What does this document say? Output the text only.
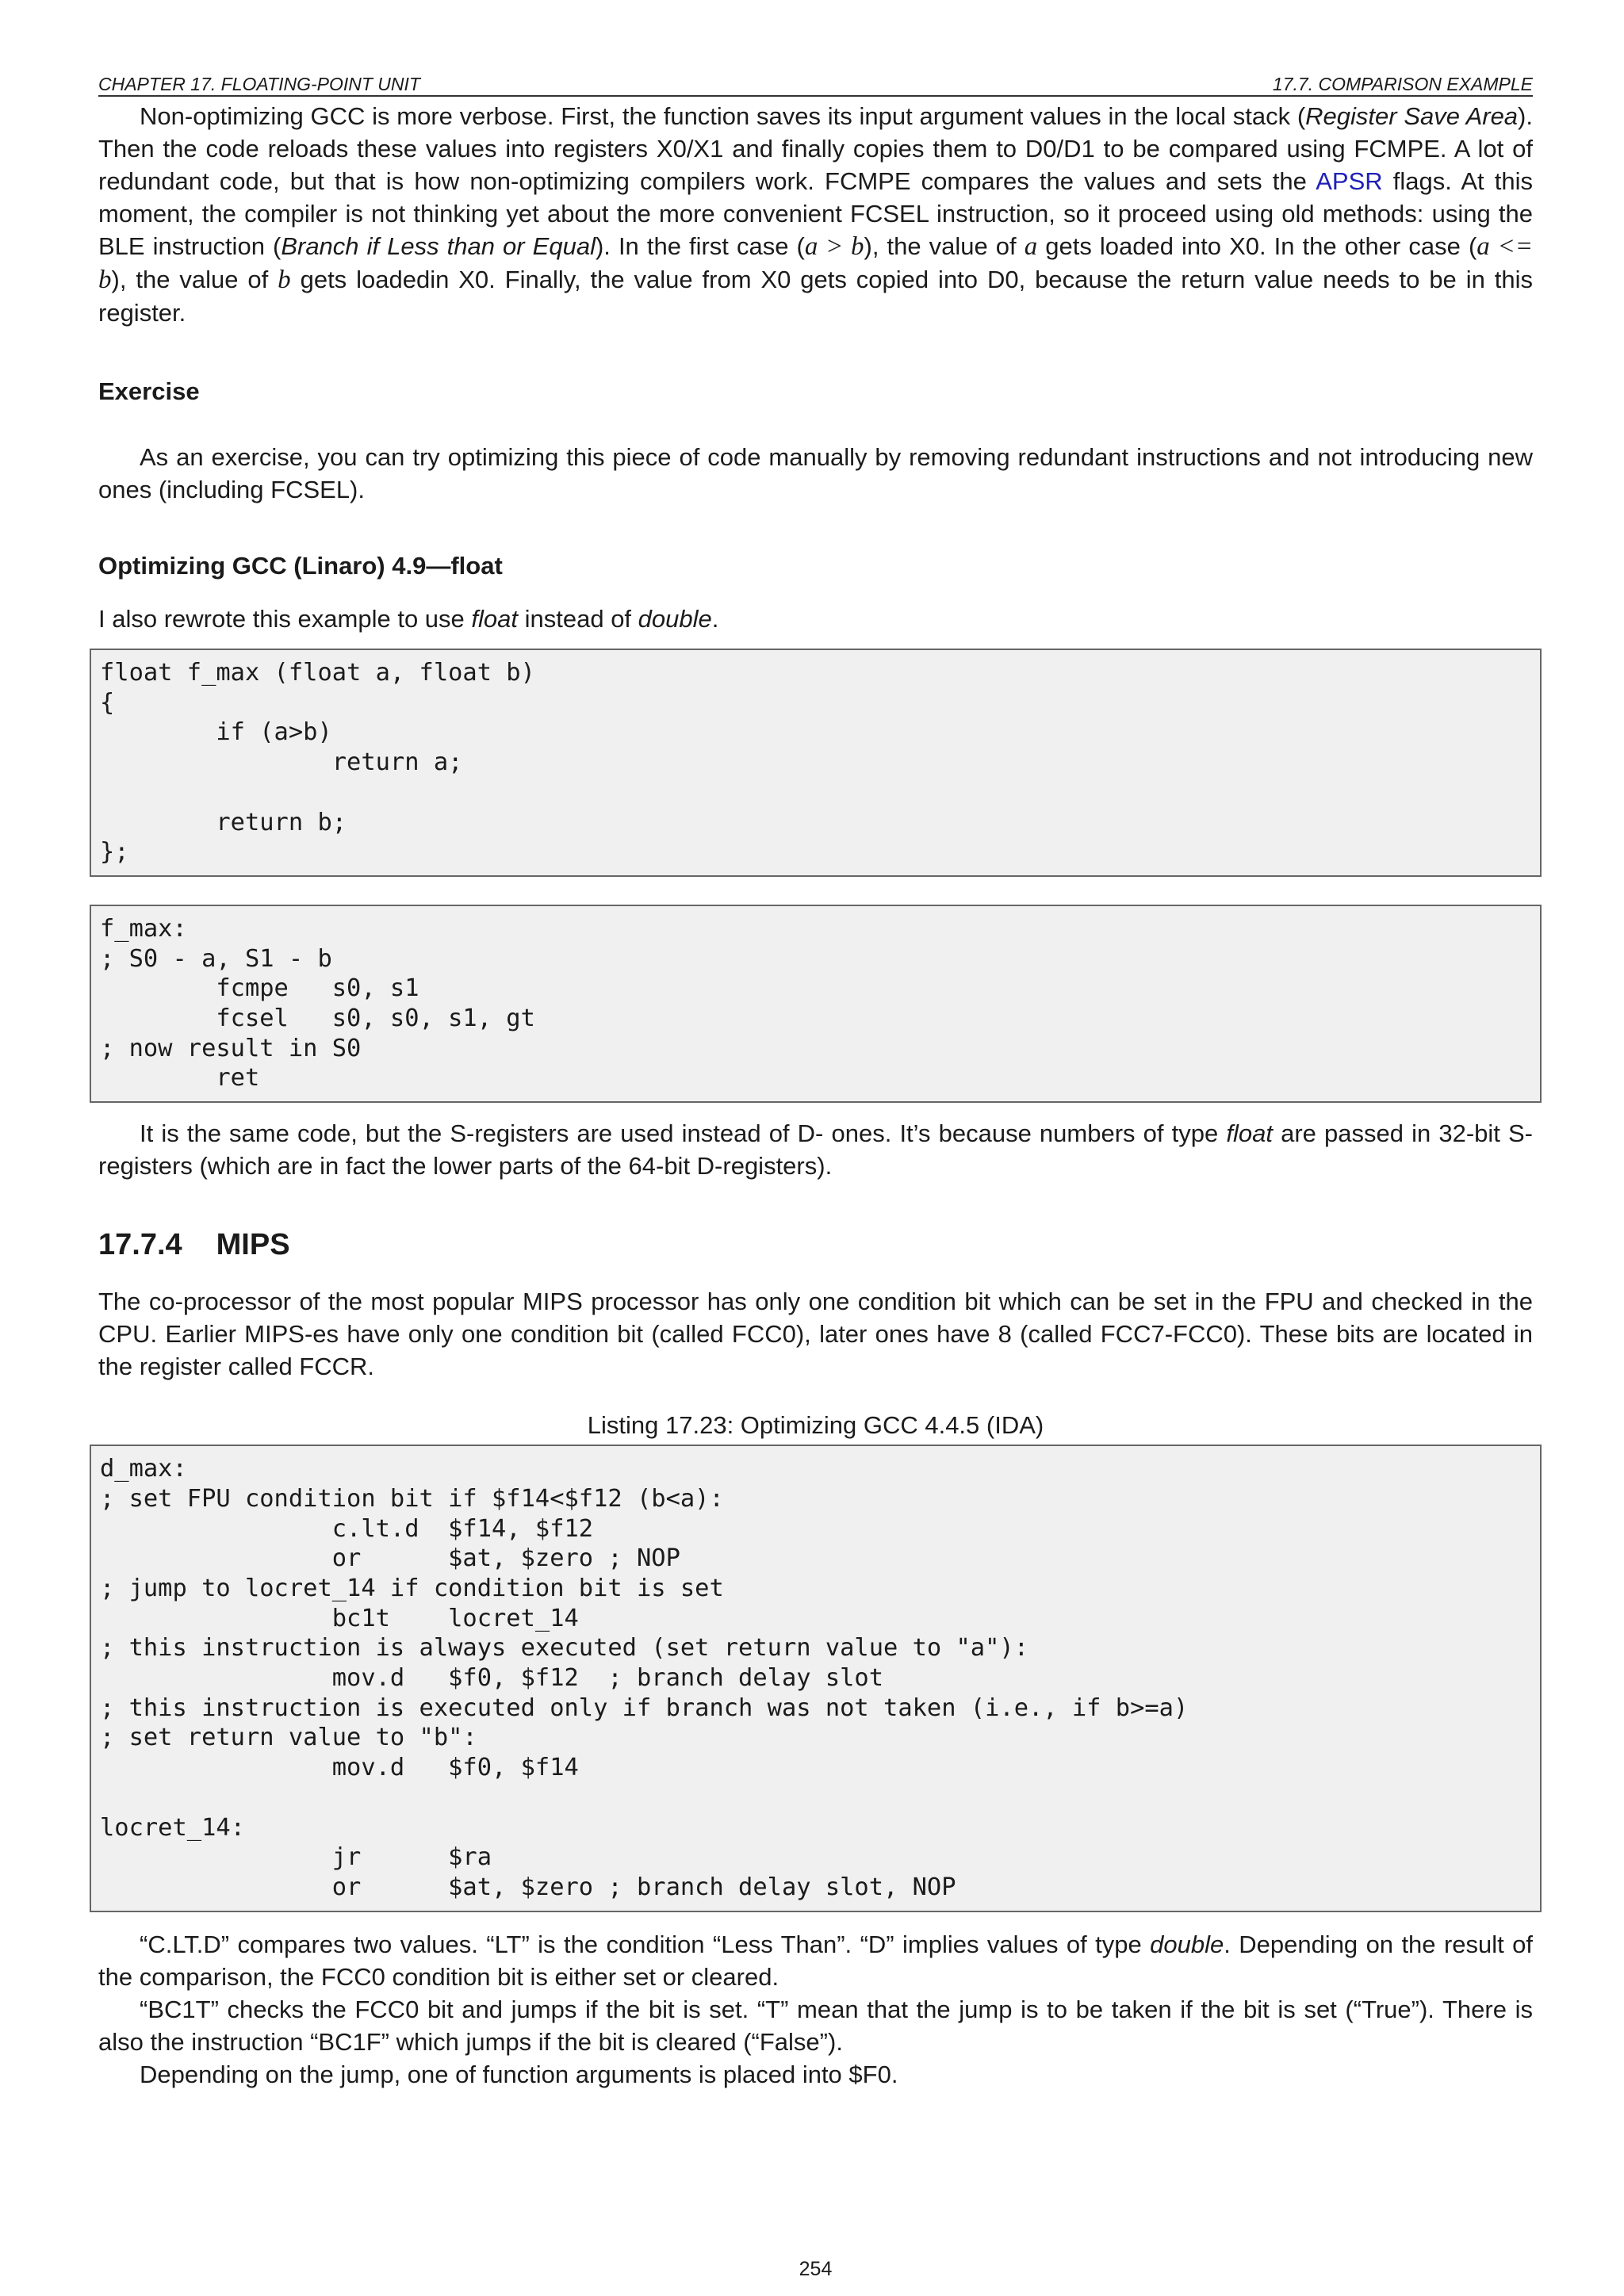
CHAPTER 17. FLOATING-POINT UNIT	17.7. COMPARISON EXAMPLE

Non-optimizing GCC is more verbose. First, the function saves its input argument values in the local stack (Register Save Area). Then the code reloads these values into registers X0/X1 and finally copies them to D0/D1 to be compared using FCMPE. A lot of redundant code, but that is how non-optimizing compilers work. FCMPE compares the values and sets the APSR flags. At this moment, the compiler is not thinking yet about the more convenient FCSEL instruction, so it proceed using old methods: using the BLE instruction (Branch if Less than or Equal). In the first case (a > b), the value of a gets loaded into X0. In the other case (a <= b), the value of b gets loadedin X0. Finally, the value from X0 gets copied into D0, because the return value needs to be in this register.

Exercise

As an exercise, you can try optimizing this piece of code manually by removing redundant instructions and not introducing new ones (including FCSEL).

Optimizing GCC (Linaro) 4.9—float

I also rewrote this example to use float instead of double.

float f_max (float a, float b)
{
if (a>b)
return a;
return b;
};
f_max:
; S0 - a, S1 - b
fcmpe   s0, s1
fcsel   s0, s0, s1, gt
; now result in S0
ret

It is the same code, but the S-registers are used instead of D- ones. It’s because numbers of type float are passed in 32-bit S-registers (which are in fact the lower parts of the 64-bit D-registers).

17.7.4 MIPS

The co-processor of the most popular MIPS processor has only one condition bit which can be set in the FPU and checked in the CPU. Earlier MIPS-es have only one condition bit (called FCC0), later ones have 8 (called FCC7-FCC0). These bits are located in the register called FCCR.

Listing 17.23: Optimizing GCC 4.4.5 (IDA)
d_max:
; set FPU condition bit if $f14<$f12 (b<a):
c.lt.d  $f14, $f12
or      $at, $zero ; NOP
; jump to locret_14 if condition bit is set
bc1t    locret_14
; this instruction is always executed (set return value to "a"):
mov.d   $f0, $f12  ; branch delay slot
; this instruction is executed only if branch was not taken (i.e., if b>=a)
; set return value to "b":
mov.d   $f0, $f14
locret_14:
jr      $ra
or      $at, $zero ; branch delay slot, NOP

“C.LT.D” compares two values. “LT” is the condition “Less Than”. “D” implies values of type double. Depending on the result of the comparison, the FCC0 condition bit is either set or cleared.

“BC1T” checks the FCC0 bit and jumps if the bit is set. “T” mean that the jump is to be taken if the bit is set (“True”). There is also the instruction “BC1F” which jumps if the bit is cleared (“False”).

Depending on the jump, one of function arguments is placed into $F0.

254
